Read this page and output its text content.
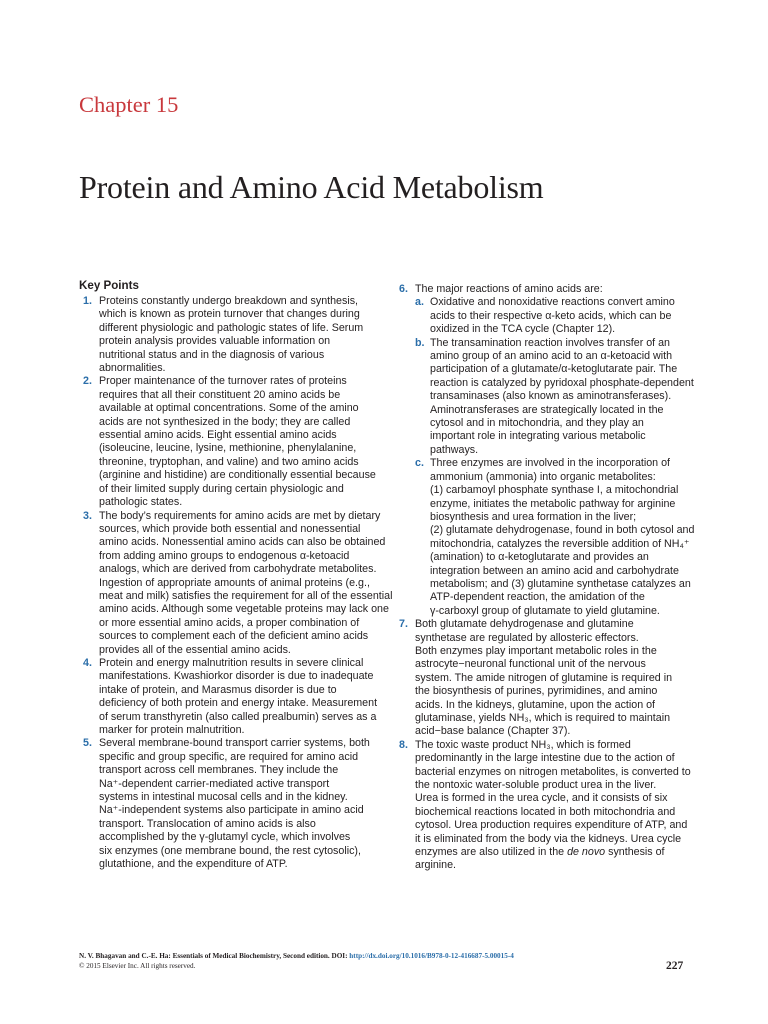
Chapter 15
Protein and Amino Acid Metabolism
Key Points
1. Proteins constantly undergo breakdown and synthesis,
which is known as protein turnover that changes during
different physiologic and pathologic states of life. Serum
protein analysis provides valuable information on
nutritional status and in the diagnosis of various
abnormalities.
2. Proper maintenance of the turnover rates of proteins
requires that all their constituent 20 amino acids be
available at optimal concentrations. Some of the amino
acids are not synthesized in the body; they are called
essential amino acids. Eight essential amino acids
(isoleucine, leucine, lysine, methionine, phenylalanine,
threonine, tryptophan, and valine) and two amino acids
(arginine and histidine) are conditionally essential because
of their limited supply during certain physiologic and
pathologic states.
3. The body’s requirements for amino acids are met by dietary
sources, which provide both essential and nonessential
amino acids. Nonessential amino acids can also be obtained
from adding amino groups to endogenous α-ketoacid
analogs, which are derived from carbohydrate metabolites.
Ingestion of appropriate amounts of animal proteins (e.g.,
meat and milk) satisfies the requirement for all of the essential
amino acids. Although some vegetable proteins may lack one
or more essential amino acids, a proper combination of
sources to complement each of the deficient amino acids
provides all of the essential amino acids.
4. Protein and energy malnutrition results in severe clinical
manifestations. Kwashiorkor disorder is due to inadequate
intake of protein, and Marasmus disorder is due to
deficiency of both protein and energy intake. Measurement
of serum transthyretin (also called prealbumin) serves as a
marker for protein malnutrition.
5. Several membrane-bound transport carrier systems, both
specific and group specific, are required for amino acid
transport across cell membranes. They include the
Na⁺-dependent carrier-mediated active transport
systems in intestinal mucosal cells and in the kidney.
Na⁺-independent systems also participate in amino acid
transport. Translocation of amino acids is also
accomplished by the γ-glutamyl cycle, which involves
six enzymes (one membrane bound, the rest cytosolic),
glutathione, and the expenditure of ATP.
6. The major reactions of amino acids are:
a. Oxidative and nonoxidative reactions convert amino
acids to their respective α-keto acids, which can be
oxidized in the TCA cycle (Chapter 12).
b. The transamination reaction involves transfer of an
amino group of an amino acid to an α-ketoacid with
participation of a glutamate/α-ketoglutarate pair. The
reaction is catalyzed by pyridoxal phosphate-dependent
transaminases (also known as aminotransferases).
Aminotransferases are strategically located in the
cytosol and in mitochondria, and they play an
important role in integrating various metabolic
pathways.
c. Three enzymes are involved in the incorporation of
ammonium (ammonia) into organic metabolites:
(1) carbamoyl phosphate synthase I, a mitochondrial
enzyme, initiates the metabolic pathway for arginine
biosynthesis and urea formation in the liver;
(2) glutamate dehydrogenase, found in both cytosol and
mitochondria, catalyzes the reversible addition of NH₄⁺
(amination) to α-ketoglutarate and provides an
integration between an amino acid and carbohydrate
metabolism; and (3) glutamine synthetase catalyzes an
ATP-dependent reaction, the amidation of the
γ-carboxyl group of glutamate to yield glutamine.
7. Both glutamate dehydrogenase and glutamine
synthetase are regulated by allosteric effectors.
Both enzymes play important metabolic roles in the
astrocyte−neuronal functional unit of the nervous
system. The amide nitrogen of glutamine is required in
the biosynthesis of purines, pyrimidines, and amino
acids. In the kidneys, glutamine, upon the action of
glutaminase, yields NH₃, which is required to maintain
acid−base balance (Chapter 37).
8. The toxic waste product NH₃, which is formed
predominantly in the large intestine due to the action of
bacterial enzymes on nitrogen metabolites, is converted to
the nontoxic water-soluble product urea in the liver.
Urea is formed in the urea cycle, and it consists of six
biochemical reactions located in both mitochondria and
cytosol. Urea production requires expenditure of ATP, and
it is eliminated from the body via the kidneys. Urea cycle
enzymes are also utilized in the de novo synthesis of
arginine.
N. V. Bhagavan and C.-E. Ha: Essentials of Medical Biochemistry, Second edition. DOI: http://dx.doi.org/10.1016/B978-0-12-416687-5.00015-4
© 2015 Elsevier Inc. All rights reserved.	227
